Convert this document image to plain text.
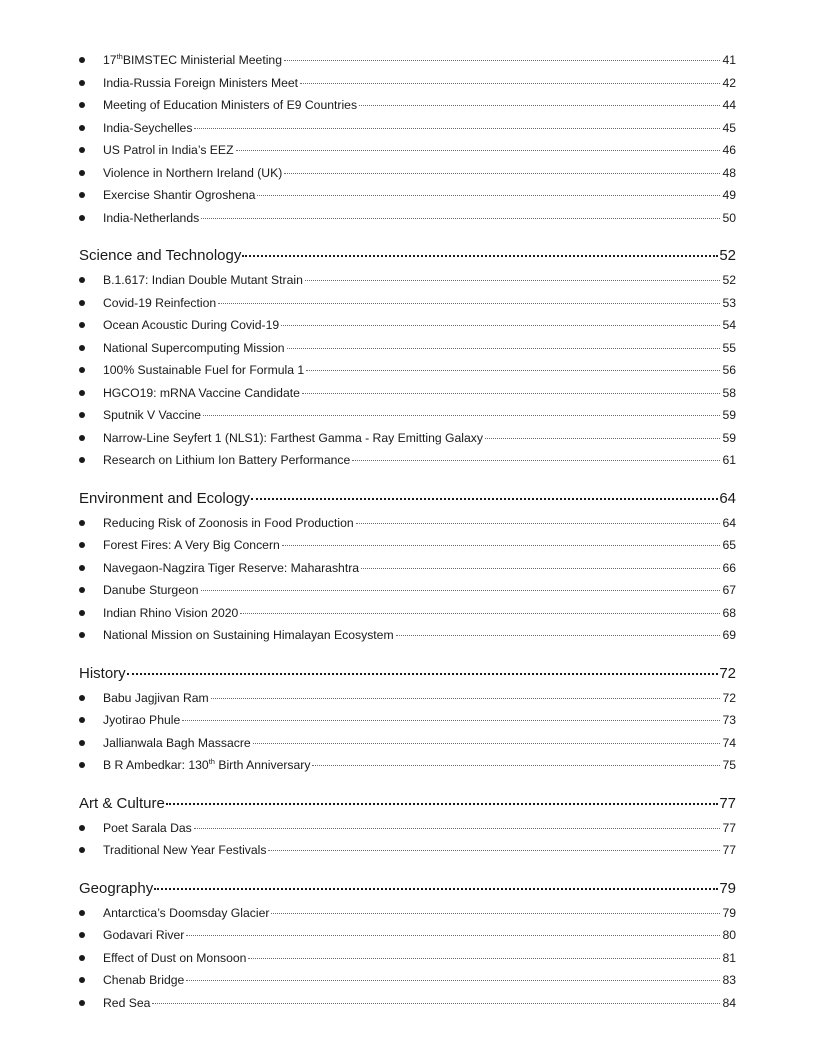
17thBIMSTEC Ministerial Meeting	41
India-Russia Foreign Ministers Meet	42
Meeting of Education Ministers of E9 Countries	44
India-Seychelles	45
US Patrol in India’s EEZ	46
Violence in Northern Ireland (UK)	48
Exercise Shantir Ogroshena	49
India-Netherlands	50
Science and Technology	52
B.1.617: Indian Double Mutant Strain	52
Covid-19 Reinfection	53
Ocean Acoustic During Covid-19	54
National Supercomputing Mission	55
100% Sustainable Fuel for Formula 1	56
HGCO19: mRNA Vaccine Candidate	58
Sputnik V Vaccine	59
Narrow-Line Seyfert 1 (NLS1): Farthest Gamma - Ray Emitting Galaxy	59
Research on Lithium Ion Battery Performance	61
Environment and Ecology	64
Reducing Risk of Zoonosis in Food Production	64
Forest Fires: A Very Big Concern	65
Navegaon-Nagzira Tiger Reserve: Maharashtra	66
Danube Sturgeon	67
Indian Rhino Vision 2020	68
National Mission on Sustaining Himalayan Ecosystem	69
History	72
Babu Jagjivan Ram	72
Jyotirao Phule	73
Jallianwala Bagh Massacre	74
B R Ambedkar: 130th Birth Anniversary	75
Art & Culture	77
Poet Sarala Das	77
Traditional New Year Festivals	77
Geography	79
Antarctica’s Doomsday Glacier	79
Godavari River	80
Effect of Dust on Monsoon	81
Chenab Bridge	83
Red Sea	84
